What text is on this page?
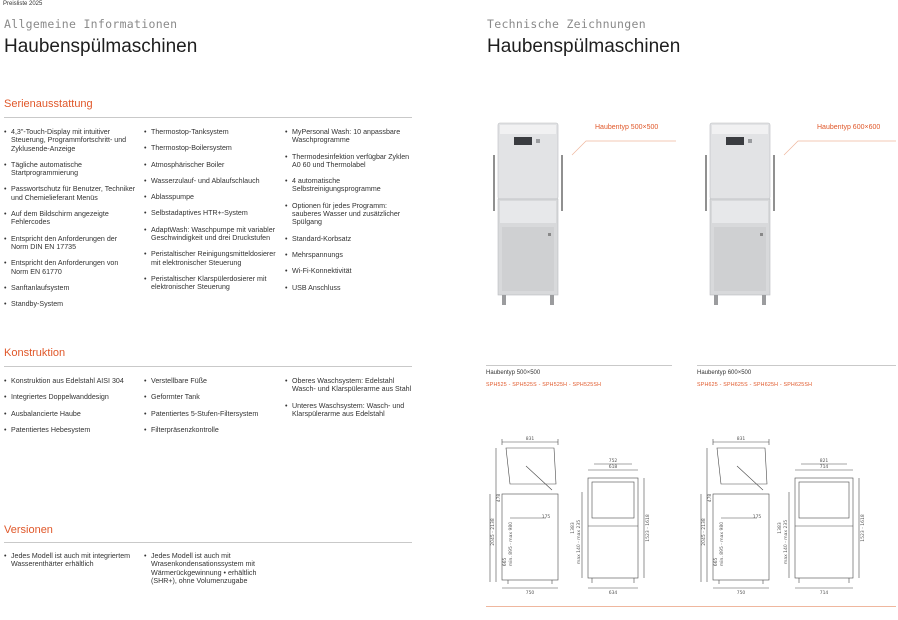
Preisliste 2025
Allgemeine Informationen
Haubenspülmaschinen
Serienausstattung
• 4,3"-Touch-Display mit intuitiver Steuerung, Programmfortschritt- und Zyklusende-Anzeige
• Tägliche automatische Startprogrammierung
• Passwortschutz für Benutzer, Techniker und Chemielieferant Menüs
• Auf dem Bildschirm angezeigte Fehlercodes
• Entspricht den Anforderungen der Norm DIN EN 17735
• Entspricht den Anforderungen von Norm EN 61770
• Sanftanlaufsystem
• Standby-System
• Thermostop-Tanksystem
• Thermostop-Boilersystem
• Atmosphärischer Boiler
• Wasserzulauf- und Ablaufschlauch
• Ablasspumpe
• Selbstadaptives HTR+-System
• AdaptWash: Waschpumpe mit variabler Geschwindigkeit und drei Druckstufen
• Peristaltischer Reinigungsmitteldosierer mit elektronischer Steuerung
• Peristaltischer Klarspülerdosierer mit elektronischer Steuerung
• MyPersonal Wash: 10 anpassbare Waschprogramme
• Thermodesinfektion verfügbar Zyklen A0 60 und Thermolabel
• 4 automatische Selbstreinigungsprogramme
• Optionen für jedes Programm: sauberes Wasser und zusätzlicher Spülgang
• Standard-Korbsatz
• Mehrspannungs
• Wi-Fi-Konnektivität
• USB Anschluss
Konstruktion
• Konstruktion aus Edelstahl AISI 304
• Integriertes Doppelwanddesign
• Ausbalancierte Haube
• Patentiertes Hebesystem
• Verstellbare Füße
• Geformter Tank
• Patentiertes 5-Stufen-Filtersystem
• Filterpräsenzkontrolle
• Oberes Waschsystem: Edelstahl Wasch- und Klarspülerarme aus Stahl
• Unteres Waschsystem: Wasch- und Klarspülerarme aus Edelstahl
Versionen
• Jedes Modell ist auch mit integriertem Wasserenthärter erhältlich
• Jedes Modell ist auch mit Wrasenkondensationssystem mit Wärmerückgewinnung • erhältlich (SHR+), ohne Volumenzugabe
Technische Zeichnungen
Haubenspülmaschinen
Haubentyp 500×500	Haubentyp 600×600
Haubentyp 500×500
SPH525 - SPH525S - SPH525H - SPH525SH
Haubentyp 600×500
SPH625 - SPH625S - SPH625H - SPH625SH
831
752
618
175
750	634
2045 - 2138
478
665 min. 895 - max 980	max 140 - max 235
1383	1523 - 1618
831
821
714
175
750	714
2045 - 2138
478
665 min. 895 - max 980	max 140 - max 235
1383	1523 - 1618
